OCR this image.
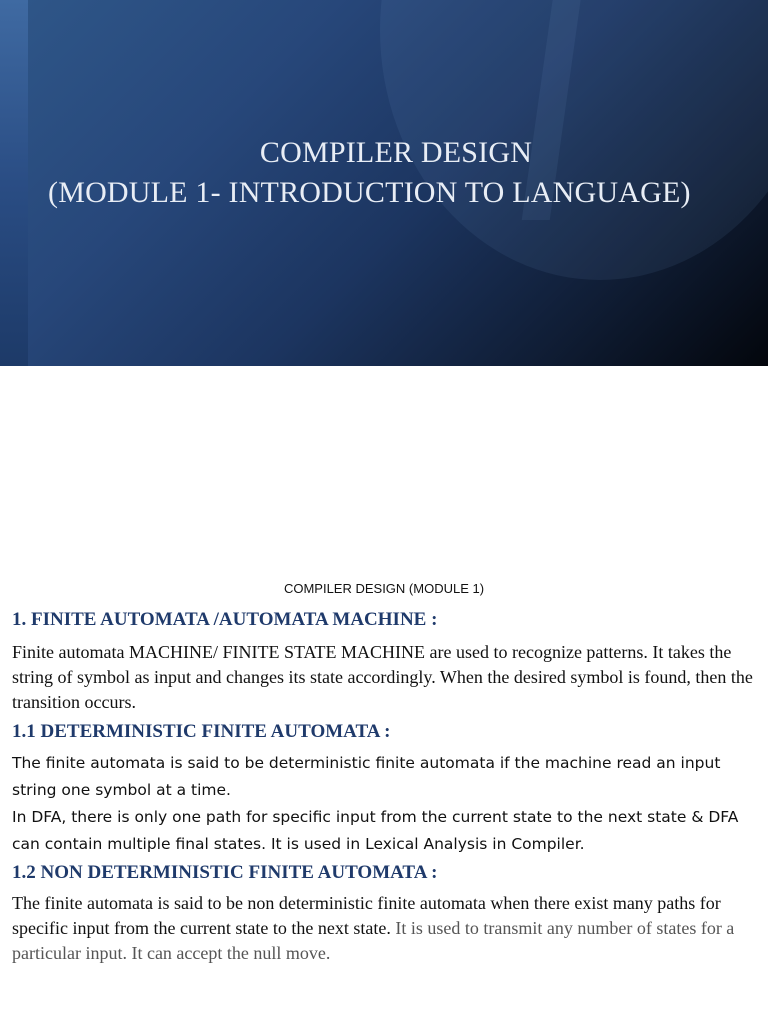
COMPILER DESIGN
(MODULE 1- INTRODUCTION TO LANGUAGE)
COMPILER DESIGN (MODULE 1)
1. FINITE AUTOMATA /AUTOMATA MACHINE :
Finite automata MACHINE/ FINITE STATE MACHINE are used to recognize patterns. It takes the string of symbol as input and changes its state accordingly. When the desired symbol is found, then the transition occurs.
1.1 DETERMINISTIC FINITE AUTOMATA :
The finite automata is said to be deterministic finite automata if the machine read an input string one symbol at a time.
In DFA, there is only one path for specific input from the current state to the next state & DFA can contain multiple final states. It is used in Lexical Analysis in Compiler.
1.2 NON DETERMINISTIC FINITE AUTOMATA :
The finite automata is said to be non deterministic finite automata when there exist many paths for specific input from the current state to the next state. It is used to transmit any number of states for a particular input. It can accept the null move.
